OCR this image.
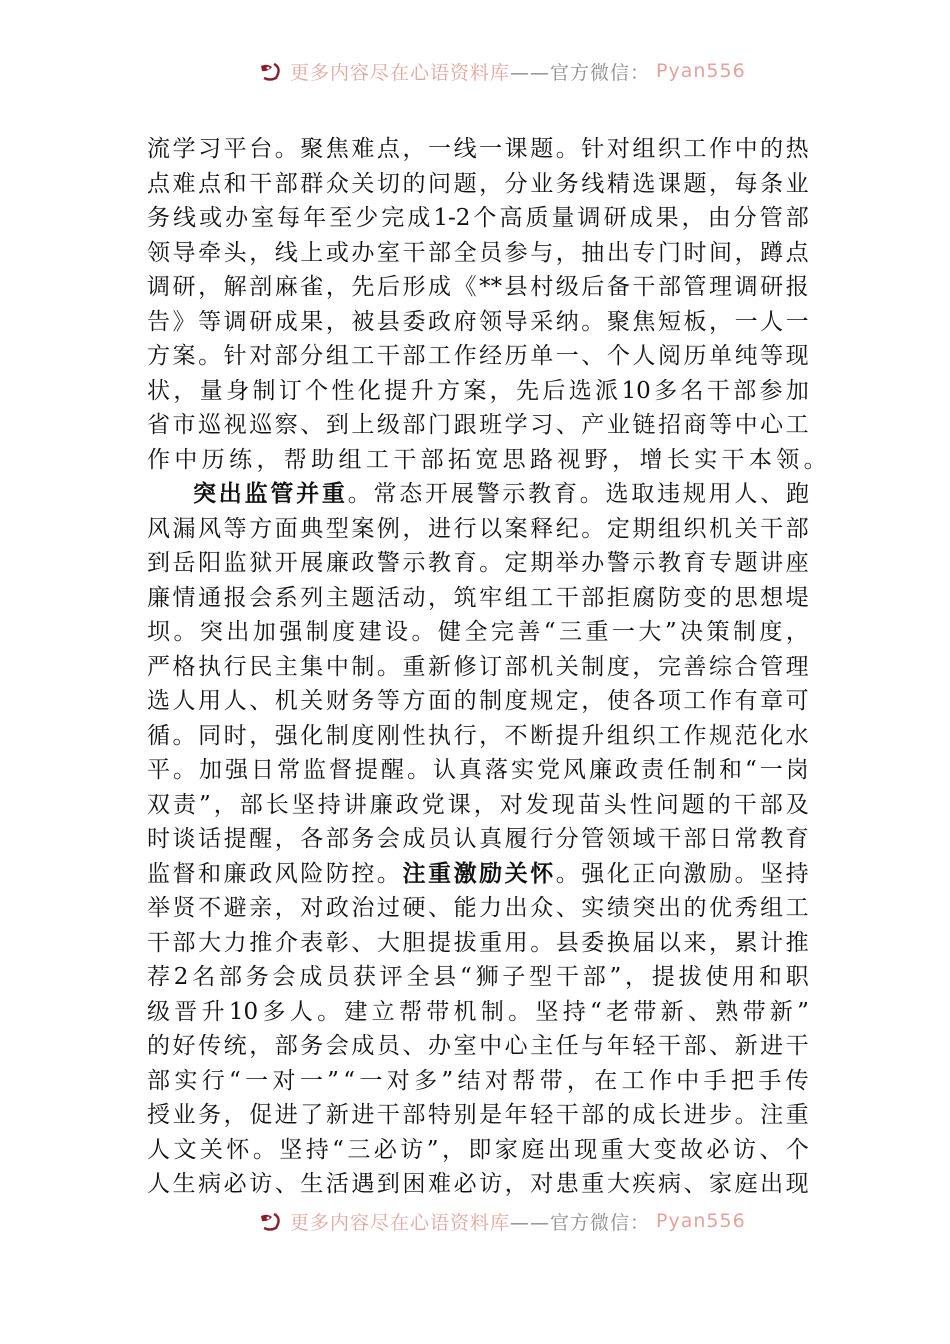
更多内容尽在心语资料库 ——官方微信： Pyan556
流 学 习 平 台 。 聚 焦 难 点 ， 一 线 一 课 题 。 针 对 组 织 工 作 中 的 热
点 难 点 和 干 部 群 众 关 切 的 问 题 ， 分 业 务 线 精 选 课 题 ， 每 条 业
务 线 或 办 室 每 年 至 少 完 成 1-2 个 高 质 量 调 研 成 果 ， 由 分 管 部
领 导 牵 头 ， 线 上 或 办 室 干 部 全 员 参 与 ， 抽 出 专 门 时 间 ， 蹲 点
调 研 ， 解 剖 麻 雀 ， 先 后 形 成 《 ** 县 村 级 后 备 干 部 管 理 调 研 报
告 》 等 调 研 成 果 ， 被 县 委 政 府 领 导 采 纳 。 聚 焦 短 板 ， 一 人 一
方 案 。 针 对 部 分 组 工 干 部 工 作 经 历 单 一 、 个 人 阅 历 单 纯 等 现
状 ， 量 身 制 订 个 性 化 提 升 方 案 ， 先 后 选 派 10 多 名 干 部 参 加
省 市 巡 视 巡 察 、 到 上 级 部 门 跟 班 学 习 、 产 业 链 招 商 等 中 心 工
作 中 历 练 ， 帮 助 组 工 干 部 拓 宽 思 路 视 野 ， 增 长 实 干 本 领 。
突 出 监 管 并 重 。 常 态 开 展 警 示 教 育 。 选 取 违 规 用 人 、 跑
风 漏 风 等 方 面 典 型 案 例 ， 进 行 以 案 释 纪 。 定 期 组 织 机 关 干 部
到 岳 阳 监 狱 开 展 廉 政 警 示 教 育 。 定 期 举 办 警 示 教 育 专 题 讲 座
廉 情 通 报 会 系 列 主 题 活 动 ， 筑 牢 组 工 干 部 拒 腐 防 变 的 思 想 堤
坝 。 突 出 加 强 制 度 建 设 。 健 全 完 善 “ 三 重 一 大 ” 决 策 制 度 ，
严 格 执 行 民 主 集 中 制 。 重 新 修 订 部 机 关 制 度 ， 完 善 综 合 管 理
选 人 用 人 、 机 关 财 务 等 方 面 的 制 度 规 定 ， 使 各 项 工 作 有 章 可
循 。 同 时 ， 强 化 制 度 刚 性 执 行 ， 不 断 提 升 组 织 工 作 规 范 化 水
平 。 加 强 日 常 监 督 提 醒 。 认 真 落 实 党 风 廉 政 责 任 制 和 “ 一 岗
双 责 ” ， 部 长 坚 持 讲 廉 政 党 课 ， 对 发 现 苗 头 性 问 题 的 干 部 及
时 谈 话 提 醒 ， 各 部 务 会 成 员 认 真 履 行 分 管 领 域 干 部 日 常 教 育
监 督 和 廉 政 风 险 防 控 。 注 重 激 励 关 怀 。 强 化 正 向 激 励 。 坚 持
举 贤 不 避 亲 ， 对 政 治 过 硬 、 能 力 出 众 、 实 绩 突 出 的 优 秀 组 工
干 部 大 力 推 介 表 彰 、 大 胆 提 拔 重 用 。 县 委 换 届 以 来 ， 累 计 推
荐 2 名 部 务 会 成 员 获 评 全 县 “ 狮 子 型 干 部 ” ， 提 拔 使 用 和 职
级 晋 升 10 多 人 。 建 立 帮 带 机 制 。 坚 持 “ 老 带 新 、 熟 带 新 ”
的 好 传 统 ， 部 务 会 成 员 、 办 室 中 心 主 任 与 年 轻 干 部 、 新 进 干
部 实 行 “ 一 对 一 ” “ 一 对 多 ” 结 对 帮 带 ， 在 工 作 中 手 把 手 传
授 业 务 ， 促 进 了 新 进 干 部 特 别 是 年 轻 干 部 的 成 长 进 步 。 注 重
人 文 关 怀 。 坚 持 “ 三 必 访 ” ， 即 家 庭 出 现 重 大 变 故 必 访 、 个
人 生 病 必 访 、 生 活 遇 到 困 难 必 访 ， 对 患 重 大 疾 病 、 家 庭 出 现
更多内容尽在心语资料库 ——官方微信： Pyan556
